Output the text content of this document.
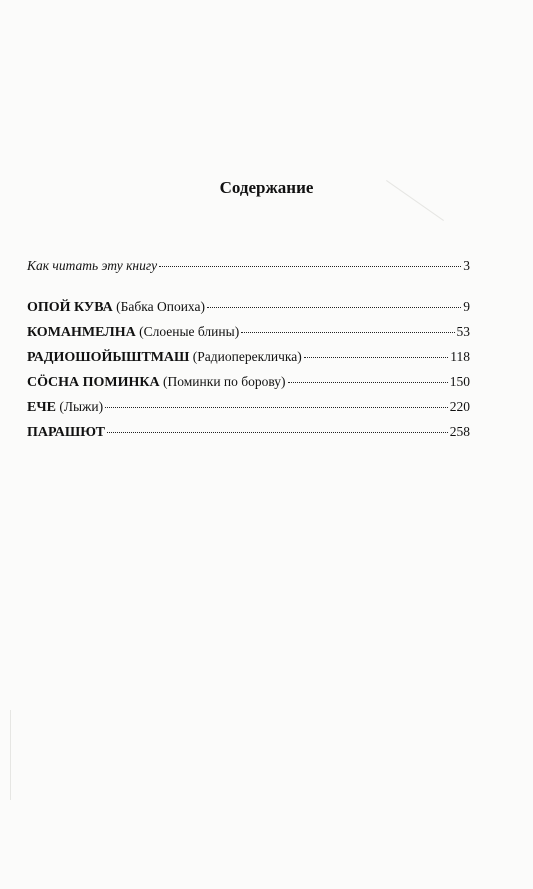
Содержание
Как читать эту книгу	3
ОПОЙ КУВА (Бабка Опоиха)	9
КОМАНМЕЛНА (Слоеные блины)	53
РАДИОШОЙЫШТМАШ (Радиоперекличка)	118
СÖСНА ПОМИНКА (Поминки по борову)	150
ЕЧЕ (Лыжи)	220
ПАРАШЮТ	258
